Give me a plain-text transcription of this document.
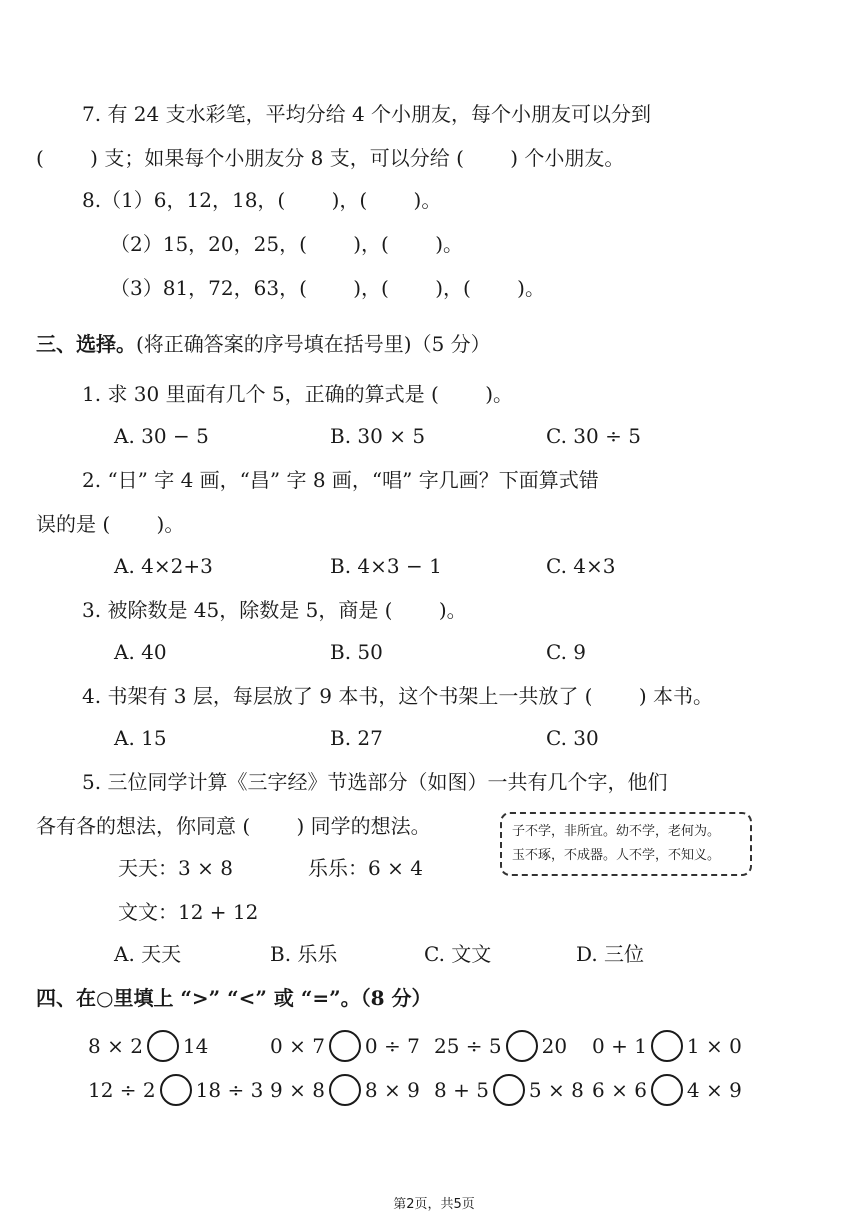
7. 有 24 支水彩笔，平均分给 4 个小朋友，每个小朋友可以分到
(　　 ) 支；如果每个小朋友分 8 支，可以分给 (　　 ) 个小朋友。
8.（1）6，12，18，(　　 )，(　　 )。
（2）15，20，25，(　　 )，(　　 )。
（3）81，72，63，(　　 )，(　　 )，(　　 )。
三、选择。(将正确答案的序号填在括号里)（5 分）
1. 求 30 里面有几个 5，正确的算式是 (　　 )。
A. 30 − 5	B. 30 × 5	C. 30 ÷ 5
2. “日” 字 4 画，“昌” 字 8 画，“唱” 字几画？下面算式错
误的是 (　　 )。
A. 4×2+3	B. 4×3 − 1	C. 4×3
3. 被除数是 45，除数是 5，商是 (　　 )。
A. 40	B. 50	C. 9
4. 书架有 3 层，每层放了 9 本书，这个书架上一共放了 (　　 ) 本书。
A. 15	B. 27	C. 30
5. 三位同学计算《三字经》节选部分（如图）一共有几个字，他们
各有各的想法，你同意 (　　 ) 同学的想法。	子不学，非所宜。幼不学，老何为。
玉不琢，不成器。人不学，不知义。
天天：3 × 8	乐乐：6 × 4
文文：12 + 12
A. 天天	B. 乐乐	C. 文文	D. 三位
四、在○里填上 “>” “<” 或 “=”。（8 分）
8 × 2 14	0 × 7 0 ÷ 7 25 ÷ 5 20 0 + 1 1 × 0
12 ÷ 2 18 ÷ 3 9 × 8 8 × 9 8 + 5 5 × 8 6 × 6 4 × 9
第2页，共5页
